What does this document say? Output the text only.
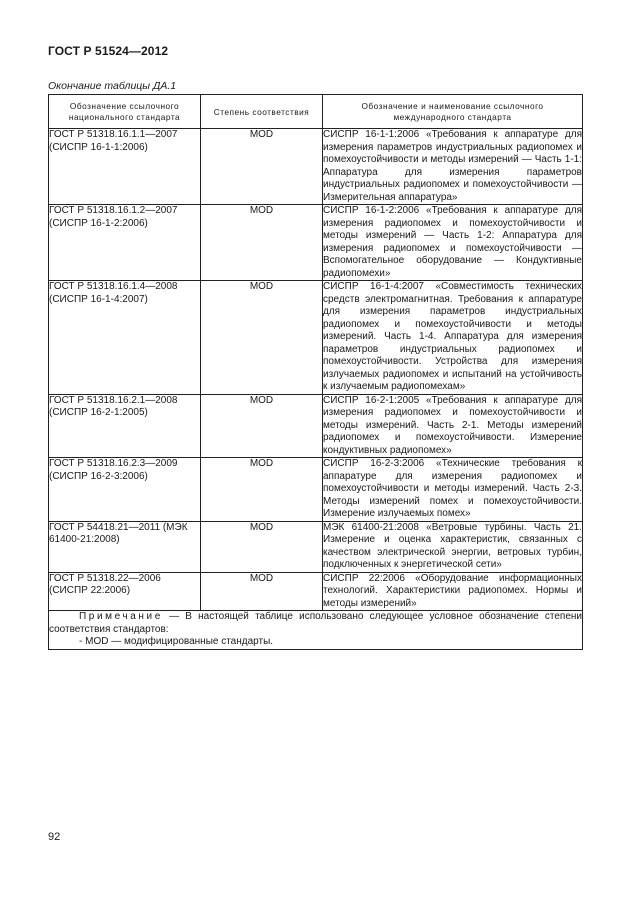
ГОСТ Р 51524—2012
Окончание таблицы ДА.1
Обозначение ссылочного национального стандарта	Степень соответствия	Обозначение и наименование ссылочного международного стандарта
ГОСТ Р 51318.16.1.1—2007 (СИСПР 16-1-1:2006)	MOD	СИСПР 16-1-1:2006 «Требования к аппаратуре для измерения параметров индустриальных радиопомех и помехоустойчивости и методы измерений — Часть 1-1: Аппаратура для измерения параметров индустриальных радиопомех и помехоустойчивости — Измерительная аппаратура»
ГОСТ Р 51318.16.1.2—2007 (СИСПР 16-1-2:2006)	MOD	СИСПР 16-1-2:2006 «Требования к аппаратуре для измерения радиопомех и помехоустойчивости и методы измерений — Часть 1-2: Аппаратура для измерения радиопомех и помехоустойчивости — Вспомогательное оборудование — Кондуктивные радиопомехи»
ГОСТ Р 51318.16.1.4—2008 (СИСПР 16-1-4:2007)	MOD	СИСПР 16-1-4:2007 «Совместимость технических средств электромагнитная. Требования к аппаратуре для измерения параметров индустриальных радиопомех и помехоустойчивости и методы измерений. Часть 1-4. Аппаратура для измерения параметров индустриальных радиопомех и помехоустойчивости. Устройства для измерения излучаемых радиопомех и испытаний на устойчивость к излучаемым радиопомехам»
ГОСТ Р 51318.16.2.1—2008 (СИСПР 16-2-1:2005)	MOD	СИСПР 16-2-1:2005 «Требования к аппаратуре для измерения радиопомех и помехоустойчивости и методы измерений. Часть 2-1. Методы измерений радиопомех и помехоустойчивости. Измерение кондуктивных радиопомех»
ГОСТ Р 51318.16.2.3—2009 (СИСПР 16-2-3:2006)	MOD	СИСПР 16-2-3:2006 «Технические требования к аппаратуре для измерения радиопомех и помехоустойчивости и методы измерений. Часть 2-3. Методы измерений помех и помехоустойчивости. Измерение излучаемых помех»
ГОСТ Р 54418.21—2011 (МЭК 61400-21:2008)	MOD	МЭК 61400-21:2008 «Ветровые турбины. Часть 21. Измерение и оценка характеристик, связанных с качеством электрической энергии, ветровых турбин, подключенных к энергетической сети»
ГОСТ Р 51318.22—2006 (СИСПР 22:2006)	MOD	СИСПР 22:2006 «Оборудование информационных технологий. Характеристики радиопомех. Нормы и методы измерений»

Примечание — В настоящей таблице использовано следующее условное обозначение степени соответствия стандартов:
- MOD — модифицированные стандарты.		
92
